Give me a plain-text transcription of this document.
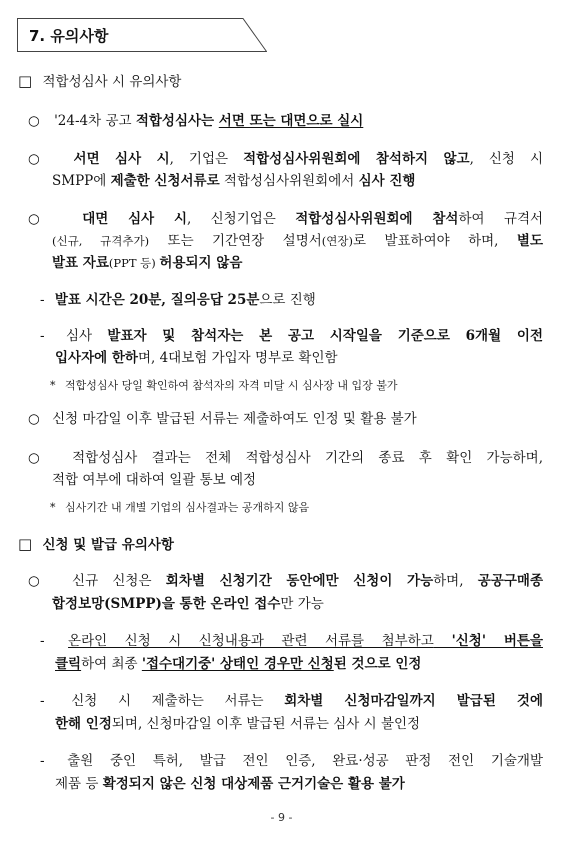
7. 유의사항
□ 적합성심사 시 유의사항
○ '24-4차 공고 적합성심사는 서면 또는 대면으로 실시
○ 서면 심사 시, 기업은 적합성심사위원회에 참석하지 않고, 신청 시
SMPP에 제출한 신청서류로 적합성심사위원회에서 심사 진행
○ 대면 심사 시, 신청기업은 적합성심사위원회에 참석하여 규격서
(신규, 규격추가) 또는 기간연장 설명서(연장)로 발표하여야 하며, 별도
발표 자료(PPT 등) 허용되지 않음
- 발표 시간은 20분, 질의응답 25분으로 진행
- 심사 발표자 및 참석자는 본 공고 시작일을 기준으로 6개월 이전
입사자에 한하며, 4대보험 가입자 명부로 확인함
* 적합성심사 당일 확인하여 참석자의 자격 미달 시 심사장 내 입장 불가
○ 신청 마감일 이후 발급된 서류는 제출하여도 인정 및 활용 불가
○ 적합성심사 결과는 전체 적합성심사 기간의 종료 후 확인 가능하며,
적합 여부에 대하여 일괄 통보 예정
* 심사기간 내 개별 기업의 심사결과는 공개하지 않음
□ 신청 및 발급 유의사항
○ 신규 신청은 회차별 신청기간 동안에만 신청이 가능하며, 공공구매종
합정보망(SMPP)을 통한 온라인 접수만 가능
- 온라인 신청 시 신청내용과 관련 서류를 첨부하고 '신청' 버튼을
클릭하여 최종 '접수대기중' 상태인 경우만 신청된 것으로 인정
- 신청 시 제출하는 서류는 회차별 신청마감일까지 발급된 것에
한해 인정되며, 신청마감일 이후 발급된 서류는 심사 시 불인정
- 출원 중인 특허, 발급 전인 인증, 완료·성공 판정 전인 기술개발
제품 등 확정되지 않은 신청 대상제품 근거기술은 활용 불가
- 9 -
